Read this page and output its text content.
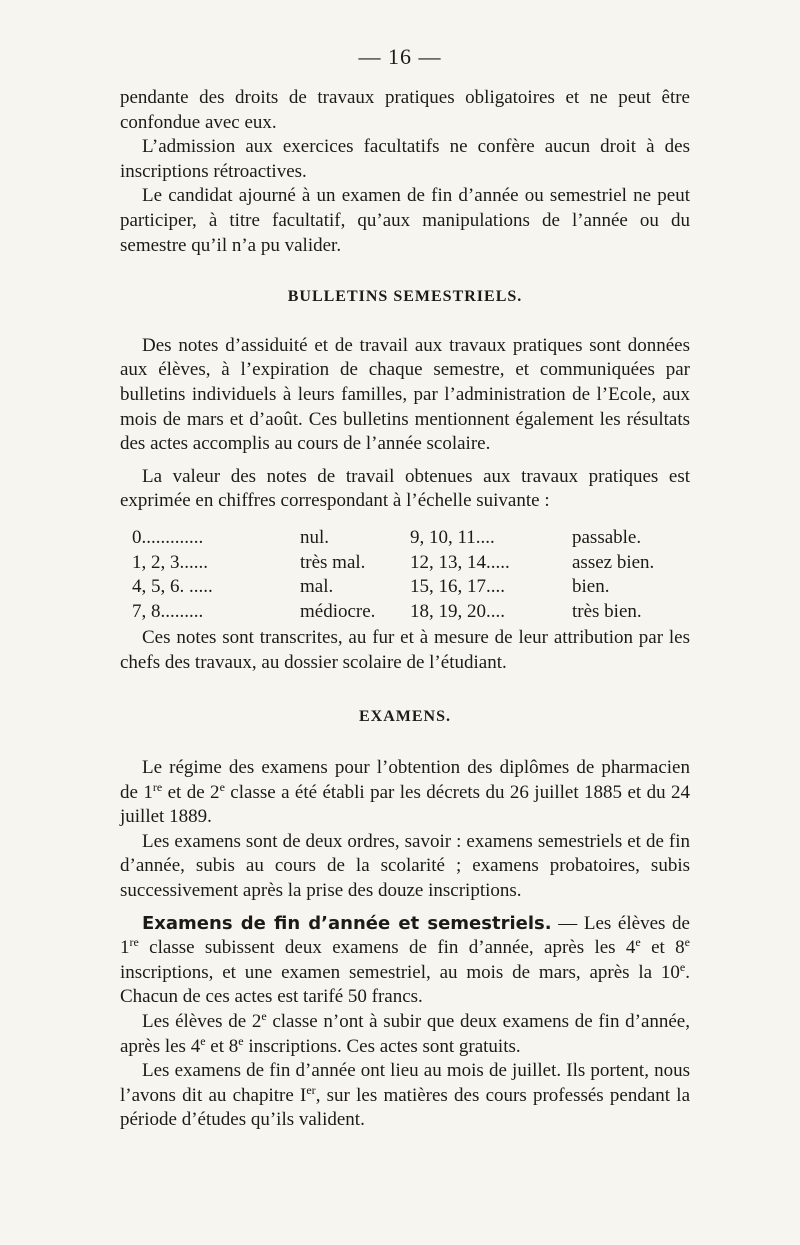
— 16 —

pendante des droits de travaux pratiques obligatoires et ne peut être confondue avec eux.

L’admission aux exercices facultatifs ne confère aucun droit à des inscriptions rétroactives.

Le candidat ajourné à un examen de fin d’année ou semestriel ne peut participer, à titre facultatif, qu’aux manipulations de l’année ou du semestre qu’il n’a pu valider.

BULLETINS SEMESTRIELS.

Des notes d’assiduité et de travail aux travaux pratiques sont données aux élèves, à l’expiration de chaque semestre, et communiquées par bulletins individuels à leurs familles, par l’administration de l’Ecole, aux mois de mars et d’août. Ces bulletins mentionnent également les résultats des actes accomplis au cours de l’année scolaire.

La valeur des notes de travail obtenues aux travaux pratiques est exprimée en chiffres correspondant à l’échelle suivante :

0.............	nul.	9, 10, 11....	passable.
1, 2, 3......	très mal.	12, 13, 14.....	assez bien.
4, 5, 6. .....	mal.	15, 16, 17....	bien.
7, 8.........	médiocre.	18, 19, 20....	très bien.

Ces notes sont transcrites, au fur et à mesure de leur attribution par les chefs des travaux, au dossier scolaire de l’étudiant.

EXAMENS.

Le régime des examens pour l’obtention des diplômes de pharmacien de 1re et de 2e classe a été établi par les décrets du 26 juillet 1885 et du 24 juillet 1889.

Les examens sont de deux ordres, savoir : examens semestriels et de fin d’année, subis au cours de la scolarité ; examens probatoires, subis successivement après la prise des douze inscriptions.

Examens de fin d’année et semestriels. — Les élèves de 1re classe subissent deux examens de fin d’année, après les 4e et 8e inscriptions, et une examen semestriel, au mois de mars, après la 10e. Chacun de ces actes est tarifé 50 francs.

Les élèves de 2e classe n’ont à subir que deux examens de fin d’année, après les 4e et 8e inscriptions. Ces actes sont gratuits.

Les examens de fin d’année ont lieu au mois de juillet. Ils portent, nous l’avons dit au chapitre Ier, sur les matières des cours professés pendant la période d’études qu’ils valident.
